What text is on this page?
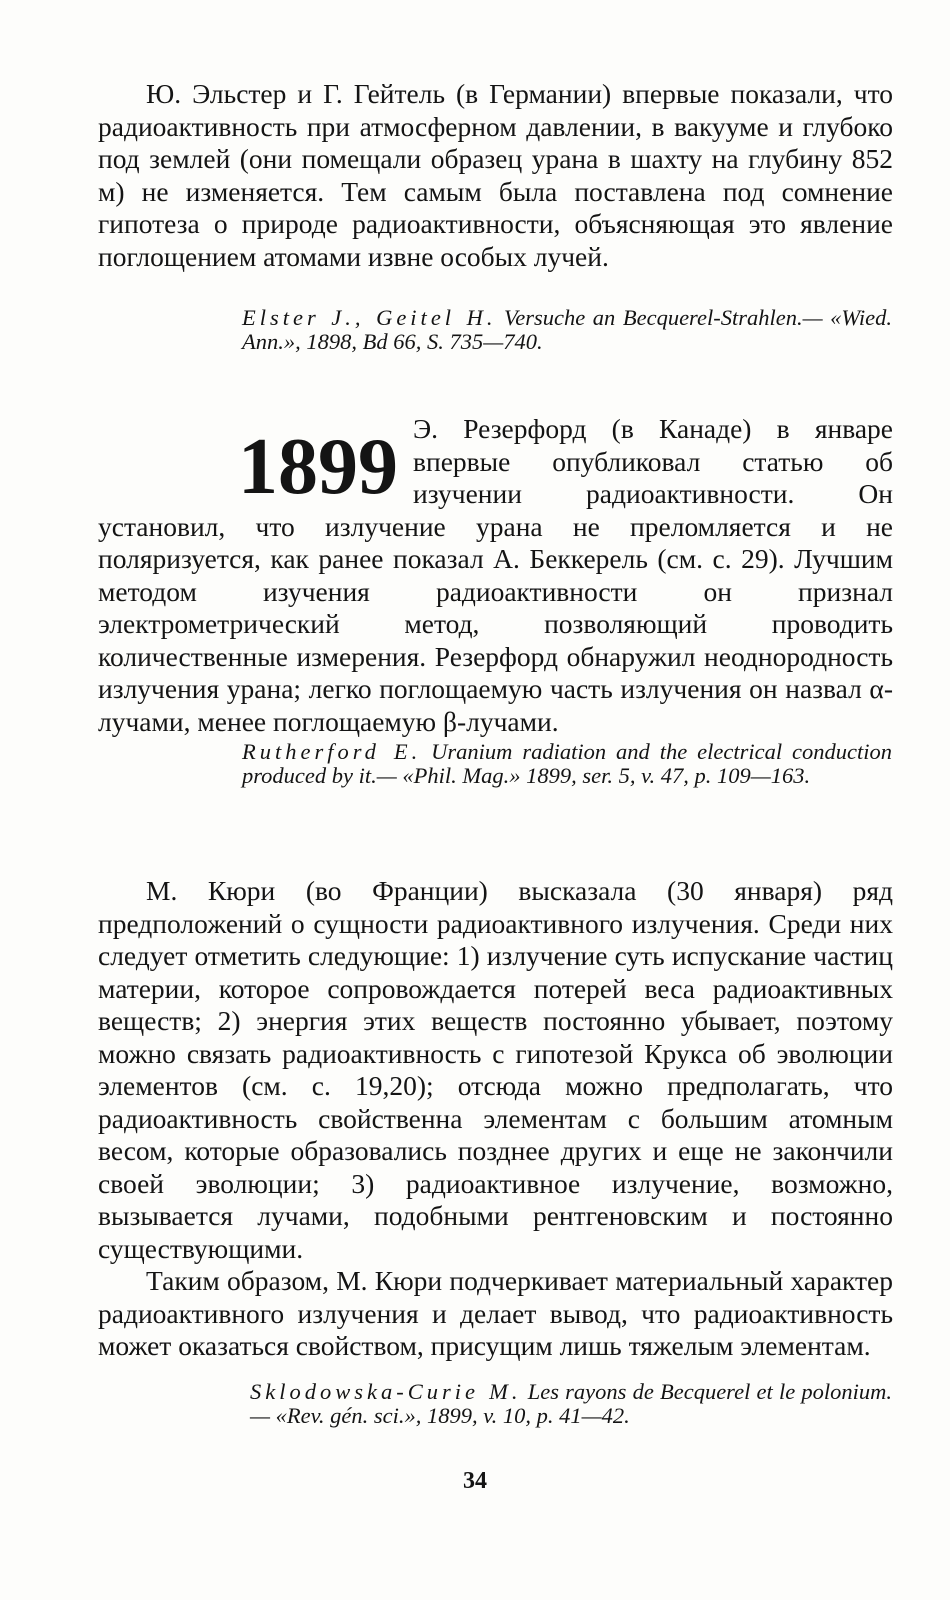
Ю. Эльстер и Г. Гейтель (в Германии) впервые показали, что радиоактивность при атмосферном давлении, в вакууме и глубоко под землей (они помещали образец урана в шахту на глубину 852 м) не изменяется. Тем самым была поставлена под сомнение гипотеза о природе радиоактивности, объясняющая это явление поглощением атомами извне особых лучей.

Elster J., Geitel H. Versuche an Becquerel-Strahlen.— «Wied. Ann.», 1898, Bd 66, S. 735—740.

1899 Э. Резерфорд (в Канаде) в январе впервые опубликовал статью об изучении радиоактивности. Он установил, что излучение урана не преломляется и не поляризуется, как ранее показал А. Беккерель (см. с. 29). Лучшим методом изучения радиоактивности он признал электрометрический метод, позволяющий проводить количественные измерения. Резерфорд обнаружил неоднородность излучения урана; легко поглощаемую часть излучения он назвал α-лучами, менее поглощаемую β-лучами.

Rutherford E. Uranium radiation and the electrical conduction produced by it.— «Phil. Mag.» 1899, ser. 5, v. 47, p. 109—163.

М. Кюри (во Франции) высказала (30 января) ряд предположений о сущности радиоактивного излучения. Среди них следует отметить следующие: 1) излучение суть испускание частиц материи, которое сопровождается потерей веса радиоактивных веществ; 2) энергия этих веществ постоянно убывает, поэтому можно связать радиоактивность с гипотезой Крукса об эволюции элементов (см. с. 19,20); отсюда можно предполагать, что радиоактивность свойственна элементам с большим атомным весом, которые образовались позднее других и еще не закончили своей эволюции; 3) радиоактивное излучение, возможно, вызывается лучами, подобными рентгеновским и постоянно существующими.

Таким образом, М. Кюри подчеркивает материальный характер радиоактивного излучения и делает вывод, что радиоактивность может оказаться свойством, присущим лишь тяжелым элементам.

Sklodowska-Curie M. Les rayons de Becquerel et le polonium.— «Rev. gén. sci.», 1899, v. 10, p. 41—42.

34
